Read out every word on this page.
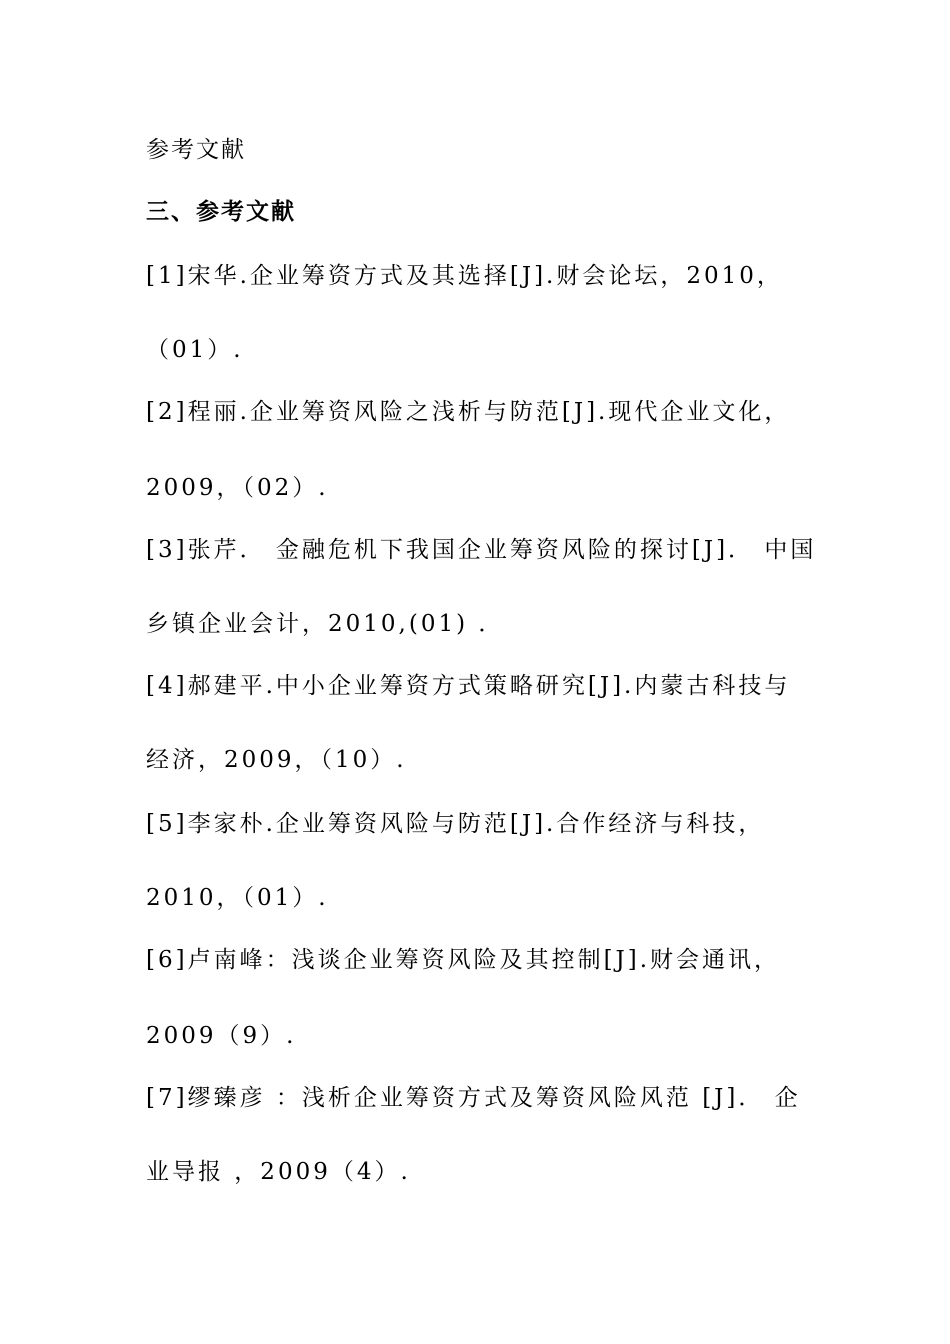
参考文献
三、参考文献
[1]宋华.企业筹资方式及其选择[J].财会论坛，2010，
（01）.
[2]程丽.企业筹资风险之浅析与防范[J].现代企业文化，
2009，（02）.
[3]张芹． 金融危机下我国企业筹资风险的探讨[J]． 中国
乡镇企业会计，2010,(01) ．
[4]郝建平.中小企业筹资方式策略研究[J].内蒙古科技与
经济，2009，（10）.
[5]李家朴.企业筹资风险与防范[J].合作经济与科技，
2010，（01）.
[6]卢南峰：浅谈企业筹资风险及其控制[J].财会通讯，
2009（9）.
[7]缪臻彦 ：浅析企业筹资方式及筹资风险风范 [J]． 企
业导报 ，2009（4）.
